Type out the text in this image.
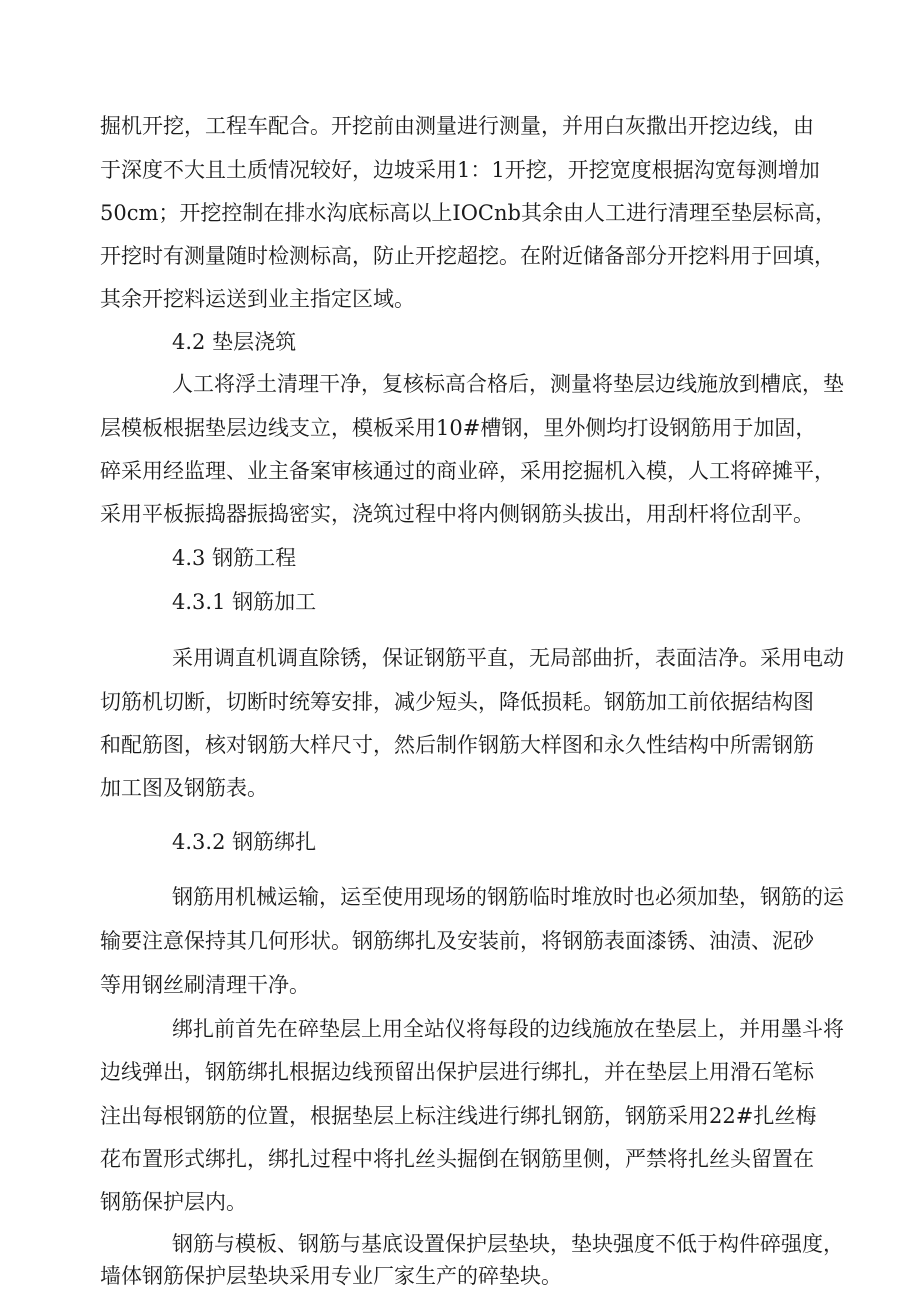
掘机开挖，工程车配合。开挖前由测量进行测量，并用白灰撒出开挖边线，由
于深度不大且土质情况较好，边坡采用1：1开挖，开挖宽度根据沟宽每测增加
50cm；开挖控制在排水沟底标高以上IOCnb其余由人工进行清理至垫层标高，
开挖时有测量随时检测标高，防止开挖超挖。在附近储备部分开挖料用于回填，
其余开挖料运送到业主指定区域。
4.2 垫层浇筑
人工将浮土清理干净，复核标高合格后，测量将垫层边线施放到槽底，垫
层模板根据垫层边线支立，模板采用10#槽钢，里外侧均打设钢筋用于加固，
碎采用经监理、业主备案审核通过的商业碎，采用挖掘机入模，人工将碎摊平，
采用平板振捣器振捣密实，浇筑过程中将内侧钢筋头拔出，用刮杆将位刮平。
4.3 钢筋工程
4.3.1 钢筋加工
采用调直机调直除锈，保证钢筋平直，无局部曲折，表面洁净。采用电动
切筋机切断，切断时统筹安排，减少短头，降低损耗。钢筋加工前依据结构图
和配筋图，核对钢筋大样尺寸，然后制作钢筋大样图和永久性结构中所需钢筋
加工图及钢筋表。
4.3.2 钢筋绑扎
钢筋用机械运输，运至使用现场的钢筋临时堆放时也必须加垫，钢筋的运
输要注意保持其几何形状。钢筋绑扎及安装前，将钢筋表面漆锈、油渍、泥砂
等用钢丝刷清理干净。
绑扎前首先在碎垫层上用全站仪将每段的边线施放在垫层上，并用墨斗将
边线弹出，钢筋绑扎根据边线预留出保护层进行绑扎，并在垫层上用滑石笔标
注出每根钢筋的位置，根据垫层上标注线进行绑扎钢筋，钢筋采用22#扎丝梅
花布置形式绑扎，绑扎过程中将扎丝头掘倒在钢筋里侧，严禁将扎丝头留置在
钢筋保护层内。
钢筋与模板、钢筋与基底设置保护层垫块，垫块强度不低于构件碎强度，
墙体钢筋保护层垫块采用专业厂家生产的碎垫块。
